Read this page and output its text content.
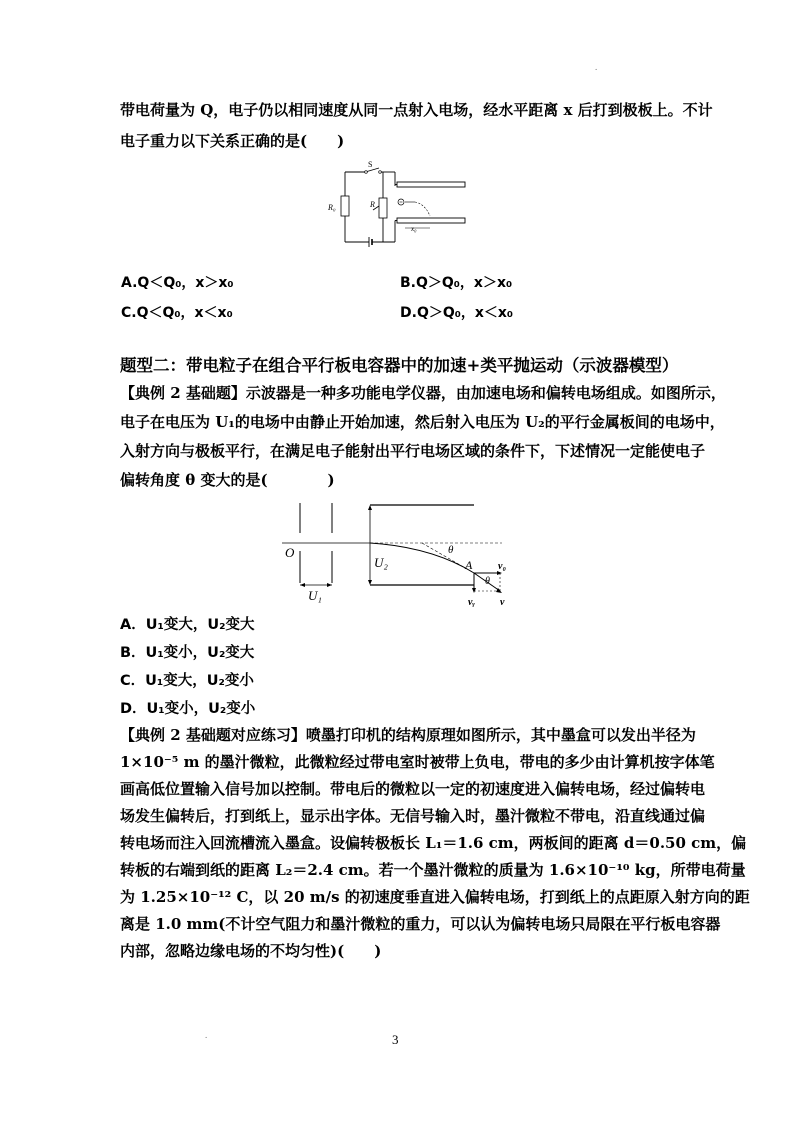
.
带电荷量为 Q，电子仍以相同速度从同一点射入电场，经水平距离 x 后打到极板上。不计
电子重力以下关系正确的是(　　)
S
R₀	R
x₀
A.Q＜Q₀，x＞x₀	B.Q＞Q₀，x＞x₀
C.Q＜Q₀，x＜x₀	D.Q＞Q₀，x＜x₀
题型二：带电粒子在组合平行板电容器中的加速+类平抛运动（示波器模型）
【典例 2 基础题】示波器是一种多功能电学仪器，由加速电场和偏转电场组成。如图所示，
电子在电压为 U₁的电场中由静止开始加速，然后射入电压为 U₂的平行金属板间的电场中，
入射方向与极板平行，在满足电子能射出平行电场区域的条件下，下述情况一定能使电子
偏转角度 θ 变大的是(　　　　)
O
U₁
U₂
θ
A	v₀
vᵧ
θ
v
A．U₁变大，U₂变大
B．U₁变小，U₂变大
C．U₁变大，U₂变小
D．U₁变小，U₂变小
【典例 2 基础题对应练习】喷墨打印机的结构原理如图所示，其中墨盒可以发出半径为
1×10⁻⁵ m 的墨汁微粒，此微粒经过带电室时被带上负电，带电的多少由计算机按字体笔
画高低位置输入信号加以控制。带电后的微粒以一定的初速度进入偏转电场，经过偏转电
场发生偏转后，打到纸上，显示出字体。无信号输入时，墨汁微粒不带电，沿直线通过偏
转电场而注入回流槽流入墨盒。设偏转极板长 L₁＝1.6 cm，两板间的距离 d＝0.50 cm，偏
转板的右端到纸的距离 L₂＝2.4 cm。若一个墨汁微粒的质量为 1.6×10⁻¹⁰ kg，所带电荷量
为 1.25×10⁻¹² C，以 20 m/s 的初速度垂直进入偏转电场，打到纸上的点距原入射方向的距
离是 1.0 mm(不计空气阻力和墨汁微粒的重力，可以认为偏转电场只局限在平行板电容器
内部，忽略边缘电场的不均匀性)(　　)
.	3
